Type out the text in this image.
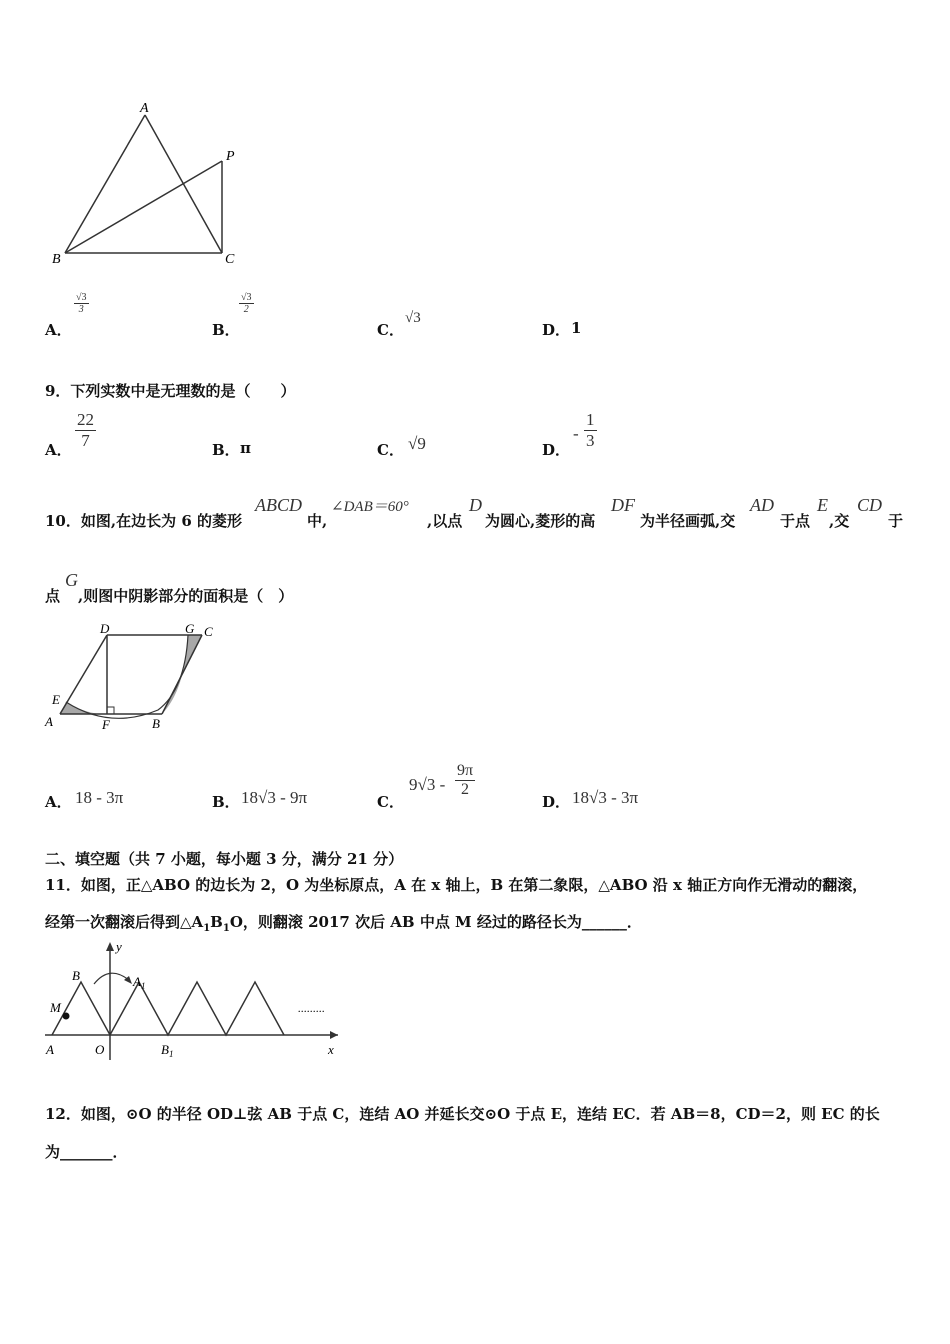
A
P
B	C
A．
$\frac{√3}{3}$
B．
$\frac{√3}{2}$
C．
√3
D． 1
9．下列实数中是无理数的是（　　）
A． $\frac{22}{7}$	B． π	C． √9	D．
- $\frac{1}{3}$
10．如图,在边长为 6 的菱形
ABCD
中,
∠DAB＝60°
,以点
D
为圆心,菱形的高
DF
为半径画弧,交
AD
于点
E
,交
CD
于
点
G
,则图中阴影部分的面积是（　）
D	G C
E
A	F	B
A． 18 - 3π	B． 18√3 - 9π	C．
$9√3 - \frac{9\pi}{2}$
D． 18√3 - 3π
二、填空题（共 7 小题，每小题 3 分，满分 21 分）
11．如图，正△ABO 的边长为 2，O 为坐标原点，A 在 x 轴上，B 在第二象限，△ABO 沿 x 轴正方向作无滑动的翻滚，
经第一次翻滚后得到$\triangle A_1B_1O$，则翻滚 2017 次后 AB 中点 M 经过的路径长为______．
y
x
B	$A_1$
M
A	O	$B_1$
.........
12．如图，⊙O 的半径 OD⊥弦 AB 于点 C，连结 AO 并延长交⊙O 于点 E，连结 EC．若 AB＝8，CD＝2，则 EC 的长
为_______．
